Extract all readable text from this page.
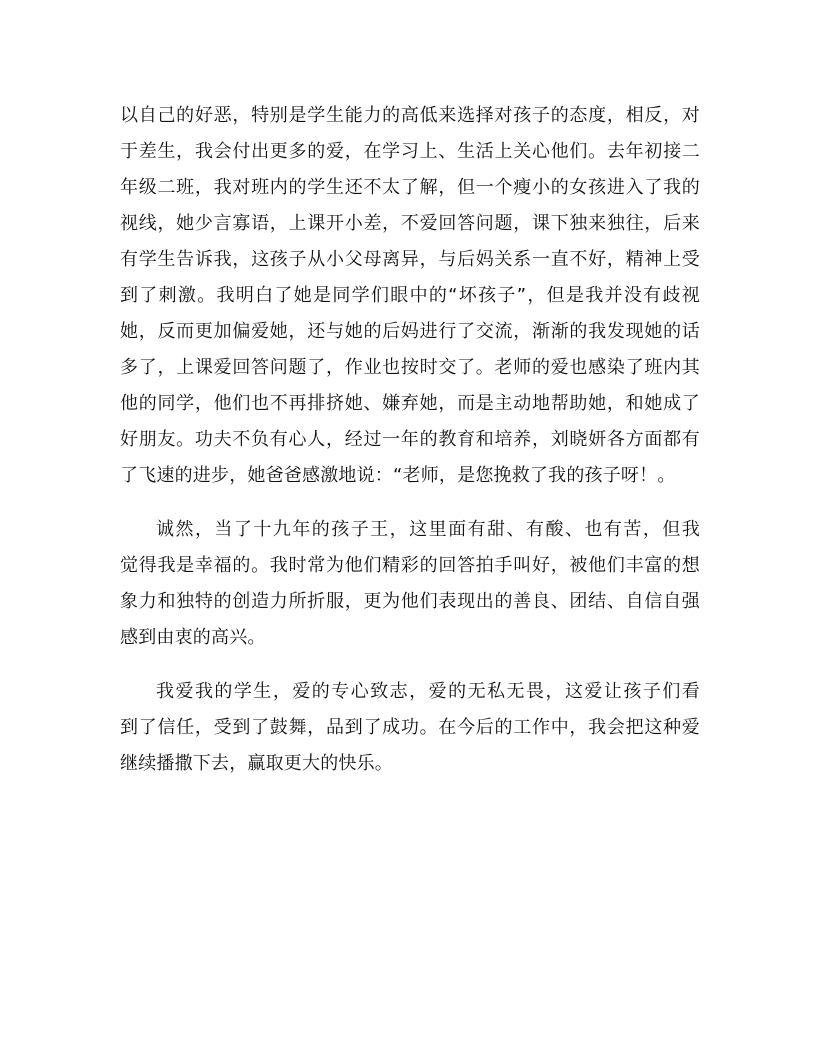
以自己的好恶，特别是学生能力的高低来选择对孩子的态度，相反，对
于差生，我会付出更多的爱，在学习上、生活上关心他们。去年初接二
年级二班，我对班内的学生还不太了解，但一个瘦小的女孩进入了我的
视线，她少言寡语，上课开小差，不爱回答问题，课下独来独往，后来
有学生告诉我，这孩子从小父母离异，与后妈关系一直不好，精神上受
到了刺激。我明白了她是同学们眼中的“坏孩子”，但是我并没有歧视
她，反而更加偏爱她，还与她的后妈进行了交流，渐渐的我发现她的话
多了，上课爱回答问题了，作业也按时交了。老师的爱也感染了班内其
他的同学，他们也不再排挤她、嫌弃她，而是主动地帮助她，和她成了
好朋友。功夫不负有心人，经过一年的教育和培养，刘晓妍各方面都有
了飞速的进步，她爸爸感激地说：“老师，是您挽救了我的孩子呀！。
诚然，当了十九年的孩子王，这里面有甜、有酸、也有苦，但我
觉得我是幸福的。我时常为他们精彩的回答拍手叫好，被他们丰富的想
象力和独特的创造力所折服，更为他们表现出的善良、团结、自信自强
感到由衷的高兴。
我爱我的学生，爱的专心致志，爱的无私无畏，这爱让孩子们看
到了信任，受到了鼓舞，品到了成功。在今后的工作中，我会把这种爱
继续播撒下去，赢取更大的快乐。
